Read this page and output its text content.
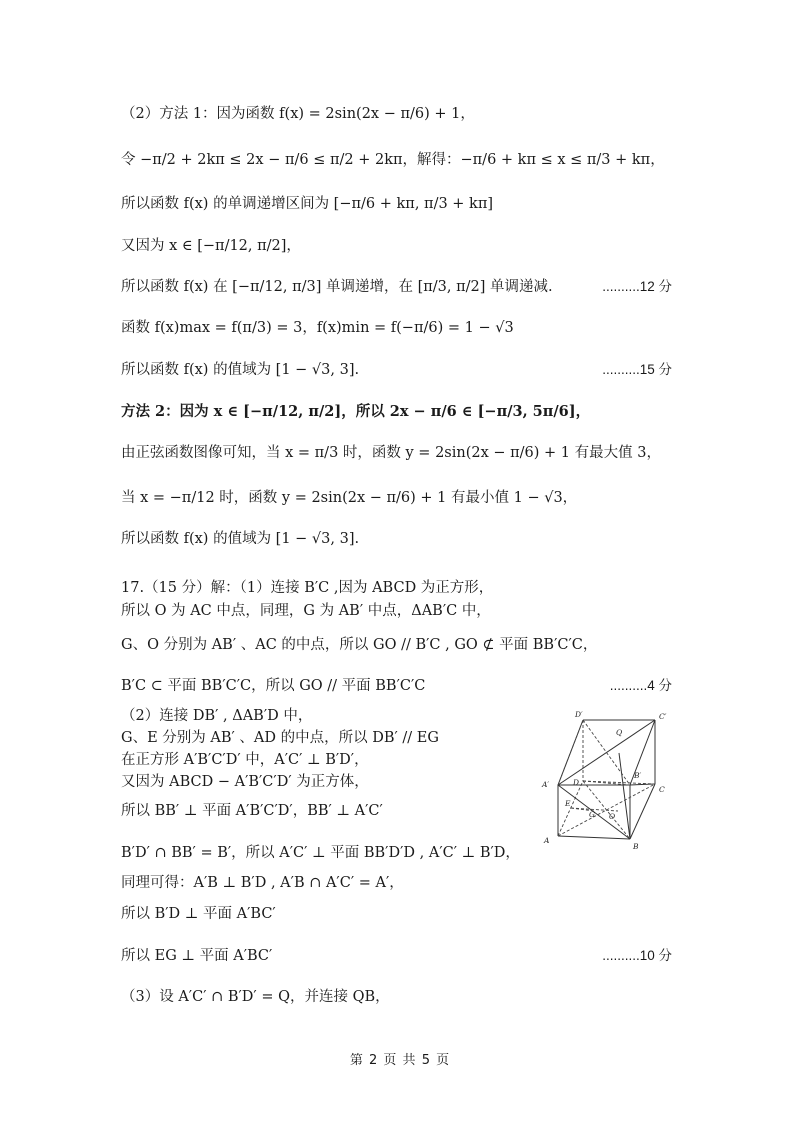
（2）方法 1：因为函数 f(x) = 2sin(2x − π/6) + 1，
令 −π/2 + 2kπ ≤ 2x − π/6 ≤ π/2 + 2kπ，解得：−π/6 + kπ ≤ x ≤ π/3 + kπ，
所以函数 f(x) 的单调递增区间为 [−π/6 + kπ, π/3 + kπ]
又因为 x ∈ [−π/12, π/2]，
所以函数 f(x) 在 [−π/12, π/3] 单调递增，在 [π/3, π/2] 单调递减.	..........12 分
函数 f(x)max = f(π/3) = 3，f(x)min = f(−π/6) = 1 − √3
所以函数 f(x) 的值域为 [1 − √3, 3].	..........15 分
方法 2：因为 x ∈ [−π/12, π/2]，所以 2x − π/6 ∈ [−π/3, 5π/6]，
由正弦函数图像可知，当 x = π/3 时，函数 y = 2sin(2x − π/6) + 1 有最大值 3，
当 x = −π/12 时，函数 y = 2sin(2x − π/6) + 1 有最小值 1 − √3，
所以函数 f(x) 的值域为 [1 − √3, 3].
17.（15 分）解：（1）连接 B′C ,因为 ABCD 为正方形，
所以 O 为 AC 中点，同理，G 为 AB′ 中点，ΔAB′C 中，
G、O 分别为 AB′ 、AC 的中点，所以 GO // B′C , GO ⊄ 平面 BB′C′C，
B′C ⊂ 平面 BB′C′C，所以 GO // 平面 BB′C′C	..........4 分
（2）连接 DB′ , ΔAB′D 中，
G、E 分别为 AB′ 、AD 的中点，所以 DB′ // EG
在正方形 A′B′C′D′ 中，A′C′ ⊥ B′D′，
又因为 ABCD − A′B′C′D′ 为正方体，
所以 BB′ ⊥ 平面 A′B′C′D′，BB′ ⊥ A′C′
B′D′ ∩ BB′ = B′，所以 A′C′ ⊥ 平面 BB′D′D , A′C′ ⊥ B′D，
同理可得：A′B ⊥ B′D , A′B ∩ A′C′ = A′，
所以 B′D ⊥ 平面 A′BC′
所以 EG ⊥ 平面 A′BC′	..........10 分
（3）设 A′C′ ∩ B′D′ = Q，并连接 QB，
D′	C′
Q
A′
B′
D
C
E
G O
A
B
第 2 页 共 5 页
